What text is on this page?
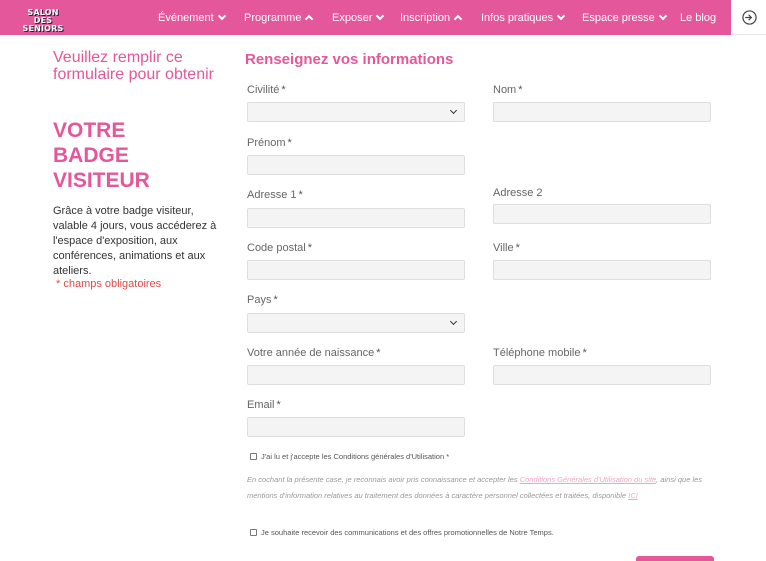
SALON
DES SENIORS
Événement	Programme	Exposer	Inscription	Infos pratiques	Espace presse Le blog
Veuillez remplir ce formulaire pour obtenir
VOTRE BADGE VISITEUR
Grâce à votre badge visiteur, valable 4 jours, vous accéderez à l'espace d'exposition, aux conférences, animations et aux ateliers.
* champs obligatoires
Renseignez vos informations
Civilité *	Nom *
Prénom *
Adresse 1 *	Adresse 2
Code postal *	Ville *
Pays *
Votre année de naissance *	Téléphone mobile *
Email *
J'ai lu et j'accepte les Conditions générales d'Utilisation *
En cochant la présente case, je reconnais avoir pris connaissance et accepter les Conditions Générales d'Utilisation du site, ainsi que les mentions d'information relatives au traitement des données à caractère personnel collectées et traitées, disponible ICI
Je souhaite recevoir des communications et des offres promotionnelles de Notre Temps.
